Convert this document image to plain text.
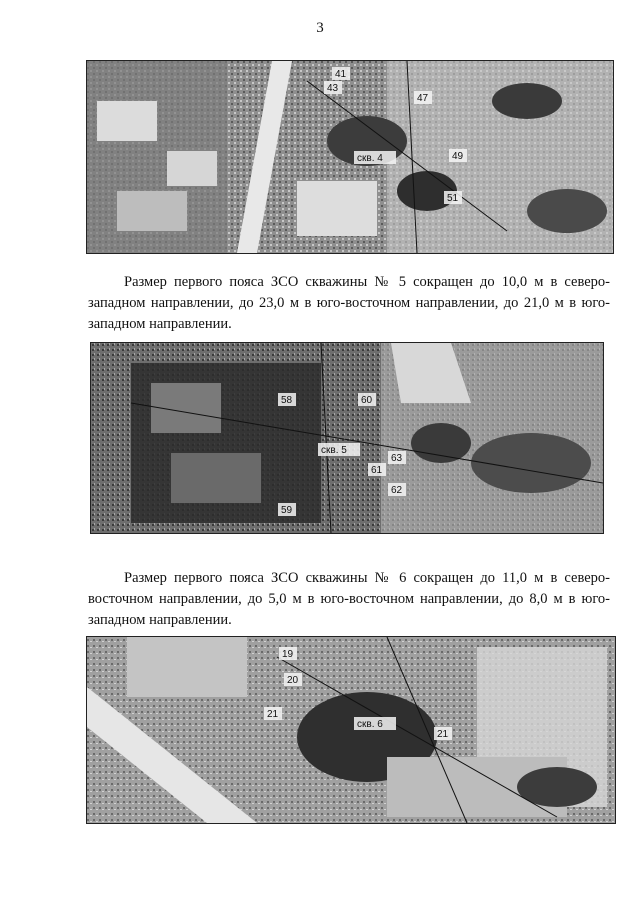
3
41
43
47
49
51
скв. 4

Размер первого пояса ЗСО скважины № 5 сокращен до 10,0 м в северо-западном направлении, до 23,0 м в юго-восточном направлении, до 21,0 м в юго-западном направлении.

58	60
61
62
63
59
скв. 5

Размер первого пояса ЗСО скважины № 6 сокращен до 11,0 м в северо-восточном направлении, до 5,0 м в юго-восточном направлении, до 8,0 м в юго-западном направлении.

19
20
21
21
скв. 6
